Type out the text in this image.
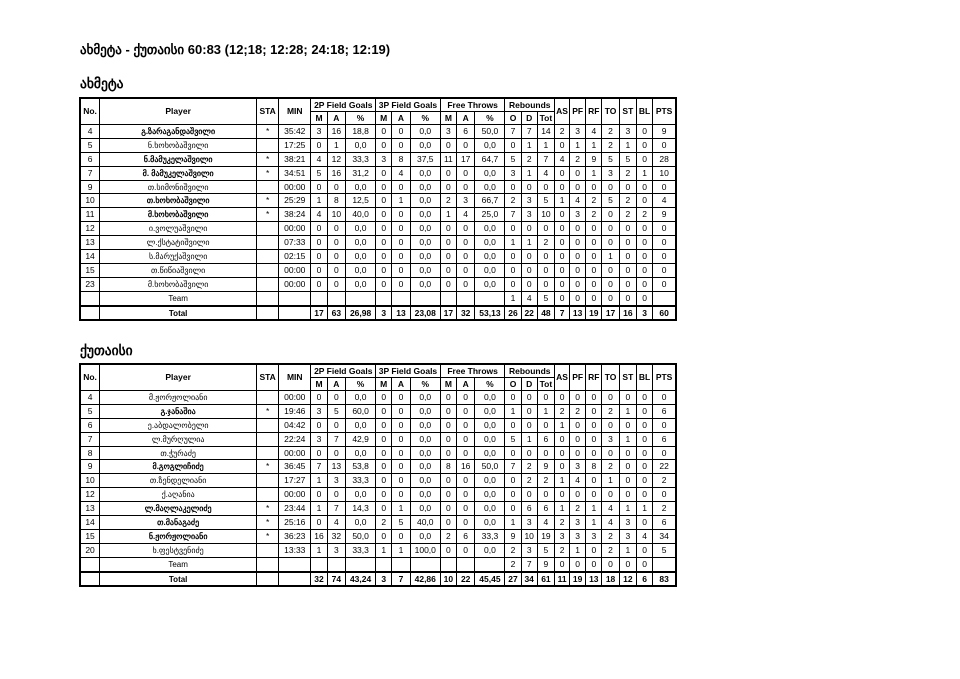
ახმეტა - ქუთაისი 60:83 (12;18; 12:28; 24:18; 12:19)
ახმეტა
No.	Player	STA	MIN	2P Field Goals			3P Field Goals			Free Throws			Rebounds			AS	PF	RF	TO	ST	BL	PTS
				M	A	%	M	A	%	M	A	%	O	D	Tot							
4	გ.ზარაგანდაშვილი	*	35:42	3	16	18,8	0	0	0,0	3	6	50,0	7	7	14	2	3	4	2	3	0	9
5	ნ.ხოხობაშვილი		17:25	0	1	0,0	0	0	0,0	0	0	0,0	0	1	1	0	1	1	2	1	0	0
6	ნ.მამუკელაშვილი	*	38:21	4	12	33,3	3	8	37,5	11	17	64,7	5	2	7	4	2	9	5	5	0	28
7	მ. მამუკელაშვილი	*	34:51	5	16	31,2	0	4	0,0	0	0	0,0	3	1	4	0	0	1	3	2	1	10
9	თ.სიმონიშვილი		00:00	0	0	0,0	0	0	0,0	0	0	0,0	0	0	0	0	0	0	0	0	0	0
10	თ.ხოხობაშვილი	*	25:29	1	8	12,5	0	1	0,0	2	3	66,7	2	3	5	1	4	2	5	2	0	4
11	მ.ხოხობაშვილი	*	38:24	4	10	40,0	0	0	0,0	1	4	25,0	7	3	10	0	3	2	0	2	2	9
12	ი.ვოლუაშვილი		00:00	0	0	0,0	0	0	0,0	0	0	0,0	0	0	0	0	0	0	0	0	0	0
13	ლ.ქსტატიშვილი		07:33	0	0	0,0	0	0	0,0	0	0	0,0	1	1	2	0	0	0	0	0	0	0
14	ს.მარუქაშვილი		02:15	0	0	0,0	0	0	0,0	0	0	0,0	0	0	0	0	0	0	1	0	0	0
15	თ.წიწიაშვილი		00:00	0	0	0,0	0	0	0,0	0	0	0,0	0	0	0	0	0	0	0	0	0	0
23	მ.ხოხობაშვილი		00:00	0	0	0,0	0	0	0,0	0	0	0,0	0	0	0	0	0	0	0	0	0	0
	Team												1	4	5	0	0	0	0	0	0	
	Total			17	63	26,98	3	13	23,08	17	32	53,13	26	22	48	7	13	19	17	16	3	60
ქუთაისი
No.	Player	STA	MIN	2P Field Goals			3P Field Goals			Free Throws			Rebounds			AS	PF	RF	TO	ST	BL	PTS
				M	A	%	M	A	%	M	A	%	O	D	Tot							
4	მ.ჟორჟოლიანი		00:00	0	0	0,0	0	0	0,0	0	0	0,0	0	0	0	0	0	0	0	0	0	0
5	გ.ჯანაშია	*	19:46	3	5	60,0	0	0	0,0	0	0	0,0	1	0	1	2	2	0	2	1	0	6
6	ე.აბდალობელი		04:42	0	0	0,0	0	0	0,0	0	0	0,0	0	0	0	1	0	0	0	0	0	0
7	ლ.მურღულია		22:24	3	7	42,9	0	0	0,0	0	0	0,0	5	1	6	0	0	0	3	1	0	6
8	თ.ჭურაძე		00:00	0	0	0,0	0	0	0,0	0	0	0,0	0	0	0	0	0	0	0	0	0	0
9	მ.გოგლიჩიძე	*	36:45	7	13	53,8	0	0	0,0	8	16	50,0	7	2	9	0	3	8	2	0	0	22
10	თ.ზენდელიანი		17:27	1	3	33,3	0	0	0,0	0	0	0,0	0	2	2	1	4	0	1	0	0	2
12	ქ.აღანია		00:00	0	0	0,0	0	0	0,0	0	0	0,0	0	0	0	0	0	0	0	0	0	0
13	ლ.მაღლაკელიძე	*	23:44	1	7	14,3	0	1	0,0	0	0	0,0	0	6	6	1	2	1	4	1	1	2
14	თ.მანაგაძე	*	25:16	0	4	0,0	2	5	40,0	0	0	0,0	1	3	4	2	3	1	4	3	0	6
15	ნ.ჟორჟოლიანი	*	36:23	16	32	50,0	0	0	0,0	2	6	33,3	9	10	19	3	3	3	2	3	4	34
20	ხ.ფესტვენიძე		13:33	1	3	33,3	1	1	100,0	0	0	0,0	2	3	5	2	1	0	2	1	0	5
	Team												2	7	9	0	0	0	0	0	0	
	Total			32	74	43,24	3	7	42,86	10	22	45,45	27	34	61	11	19	13	18	12	6	83
